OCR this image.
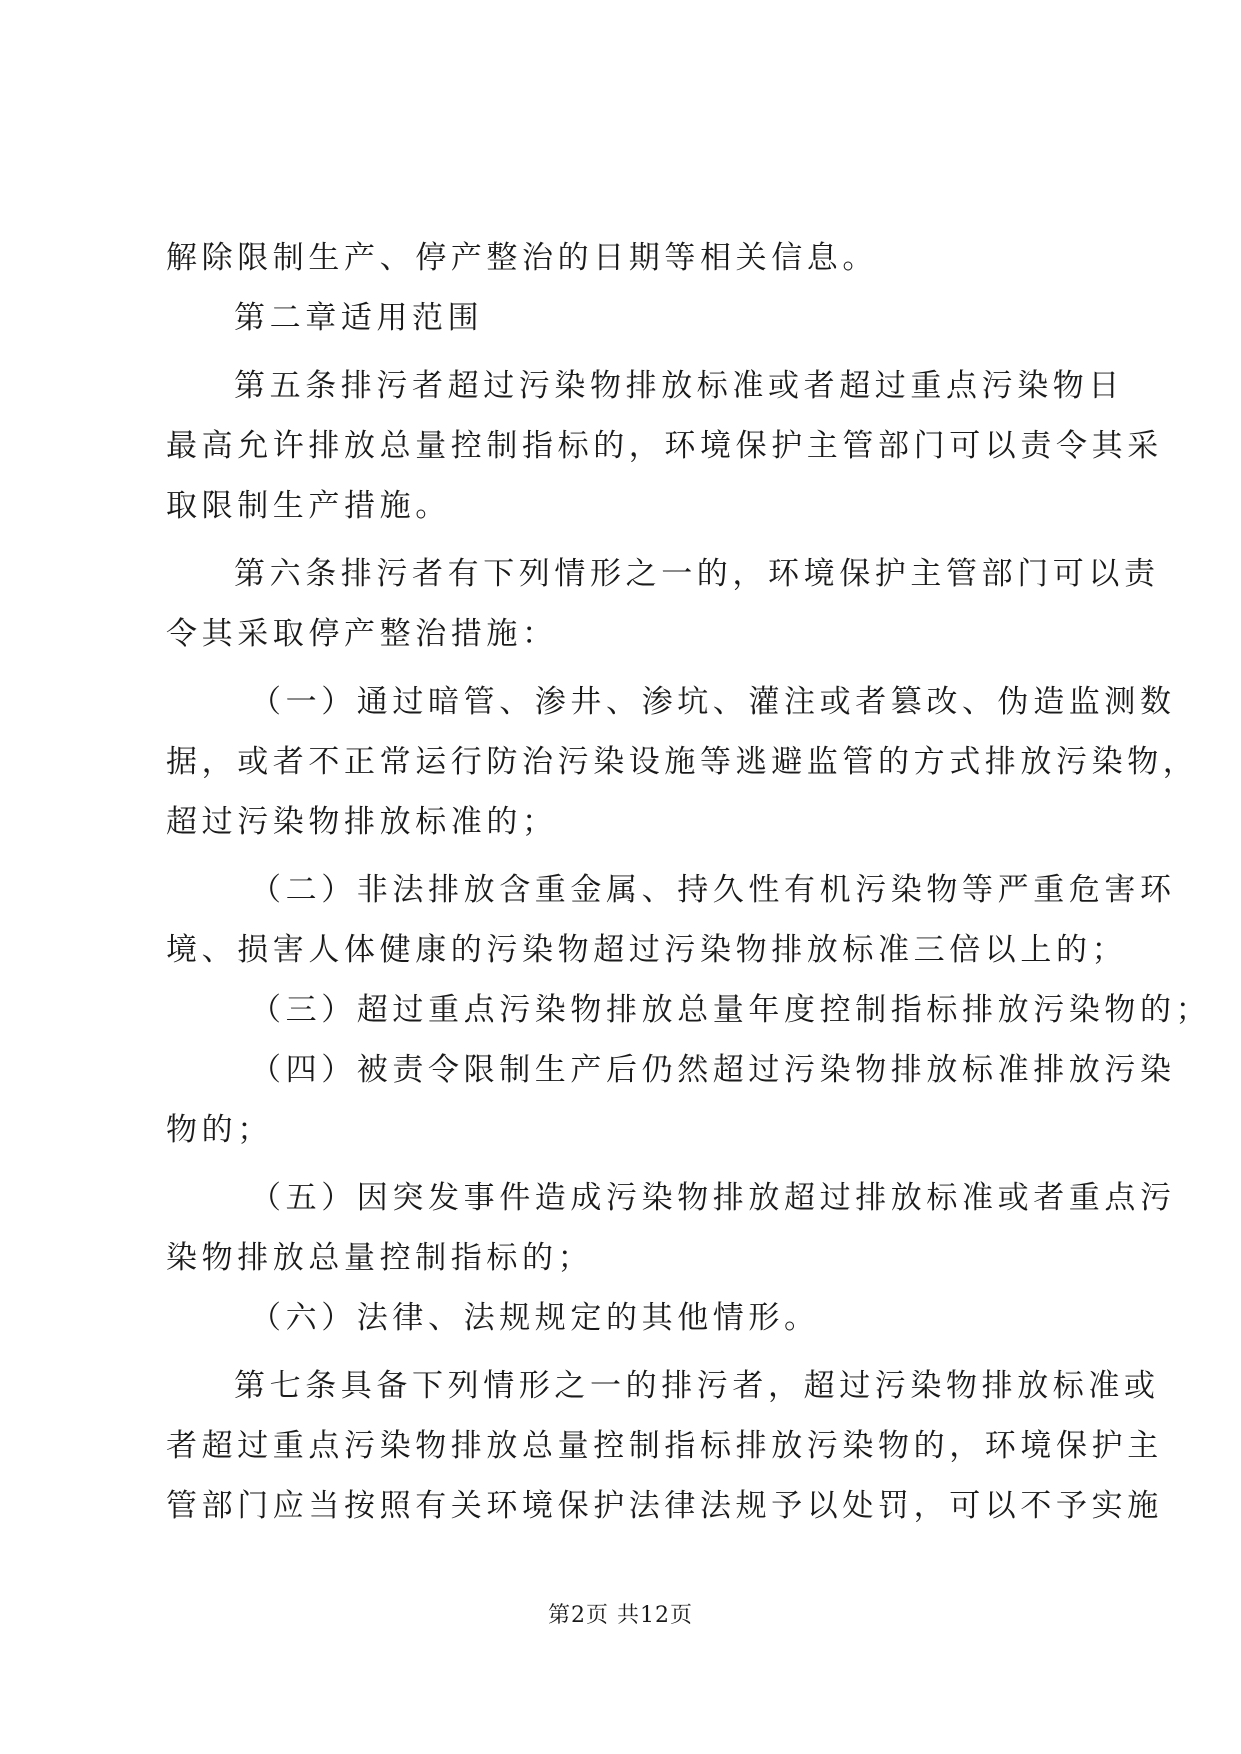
解除限制生产、停产整治的日期等相关信息。
第二章适用范围
第五条排污者超过污染物排放标准或者超过重点污染物日
最高允许排放总量控制指标的，环境保护主管部门可以责令其采
取限制生产措施。
第六条排污者有下列情形之一的，环境保护主管部门可以责
令其采取停产整治措施：
（一）通过暗管、渗井、渗坑、灌注或者篡改、伪造监测数
据，或者不正常运行防治污染设施等逃避监管的方式排放污染物，
超过污染物排放标准的；
（二）非法排放含重金属、持久性有机污染物等严重危害环
境、损害人体健康的污染物超过污染物排放标准三倍以上的；
（三）超过重点污染物排放总量年度控制指标排放污染物的；
（四）被责令限制生产后仍然超过污染物排放标准排放污染
物的；
（五）因突发事件造成污染物排放超过排放标准或者重点污
染物排放总量控制指标的；
（六）法律、法规规定的其他情形。
第七条具备下列情形之一的排污者，超过污染物排放标准或
者超过重点污染物排放总量控制指标排放污染物的，环境保护主
管部门应当按照有关环境保护法律法规予以处罚，可以不予实施
第2页 共12页
